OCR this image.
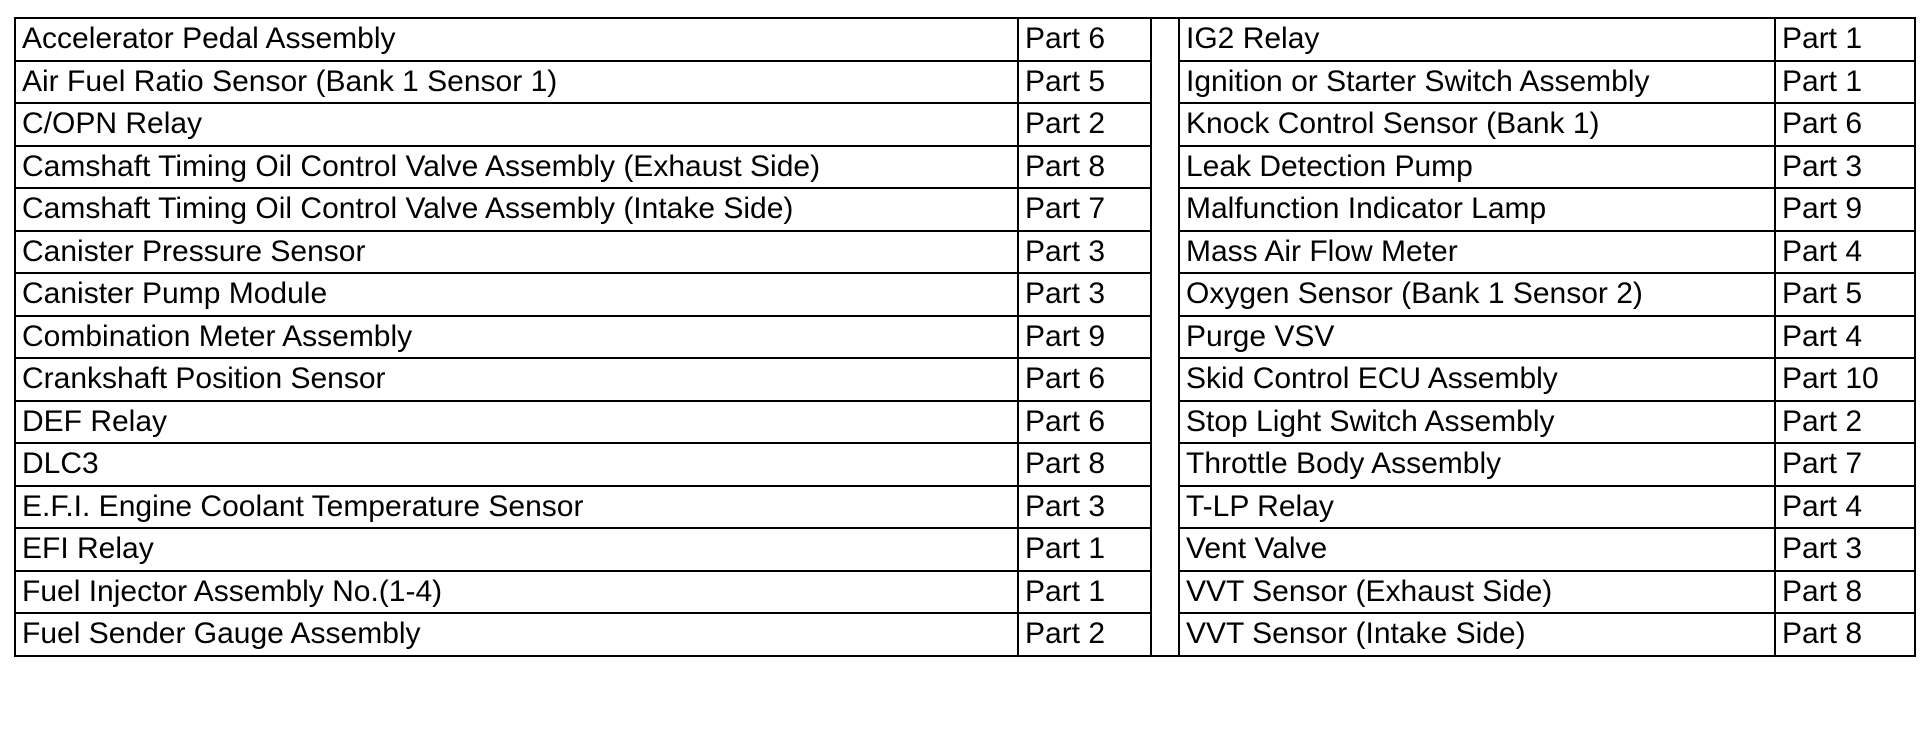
Accelerator Pedal Assembly	Part 6		IG2 Relay	Part 1
Air Fuel Ratio Sensor (Bank 1 Sensor 1)	Part 5		Ignition or Starter Switch Assembly	Part 1
C/OPN Relay	Part 2		Knock Control Sensor (Bank 1)	Part 6
Camshaft Timing Oil Control Valve Assembly (Exhaust Side)	Part 8		Leak Detection Pump	Part 3
Camshaft Timing Oil Control Valve Assembly (Intake Side)	Part 7		Malfunction Indicator Lamp	Part 9
Canister Pressure Sensor	Part 3		Mass Air Flow Meter	Part 4
Canister Pump Module	Part 3		Oxygen Sensor (Bank 1 Sensor 2)	Part 5
Combination Meter Assembly	Part 9		Purge VSV	Part 4
Crankshaft Position Sensor	Part 6		Skid Control ECU Assembly	Part 10
DEF Relay	Part 6		Stop Light Switch Assembly	Part 2
DLC3	Part 8		Throttle Body Assembly	Part 7
E.F.I. Engine Coolant Temperature Sensor	Part 3		T-LP Relay	Part 4
EFI Relay	Part 1		Vent Valve	Part 3
Fuel Injector Assembly No.(1-4)	Part 1		VVT Sensor (Exhaust Side)	Part 8
Fuel Sender Gauge Assembly	Part 2		VVT Sensor (Intake Side)	Part 8
